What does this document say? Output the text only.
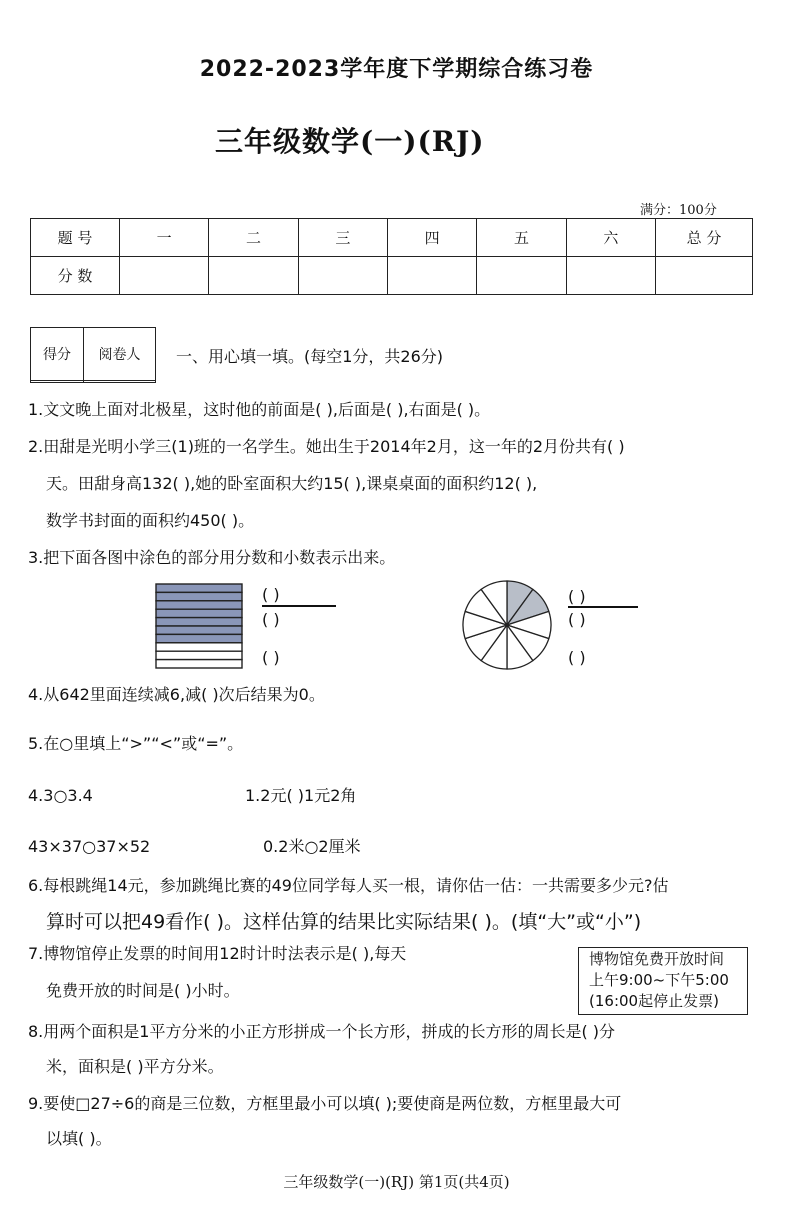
2022-2023学年度下学期综合练习卷
三年级数学(一)(RJ)
满分：100分
题 号	一	二	三	四	五	六	总 分
分 数							
得分	阅卷人
	一、用心填一填。(每空1分，共26分)
1.文文晚上面对北极星，这时他的前面是( ),后面是( ),右面是( )。
2.田甜是光明小学三(1)班的一名学生。她出生于2014年2月，这一年的2月份共有( )
天。田甜身高132( ),她的卧室面积大约15( ),课桌桌面的面积约12( ),
数学书封面的面积约450( )。
3.把下面各图中涂色的部分用分数和小数表示出来。
( )
( )
( )
( )
( )
( )
4.从642里面连续减6,减( )次后结果为0。
5.在○里填上“>”“<”或“=”。
4.3○3.4	1.2元( )1元2角
43×37○37×52	0.2米○2厘米
6.每根跳绳14元，参加跳绳比赛的49位同学每人买一根，请你估一估：一共需要多少元?估
算时可以把49看作( )。这样估算的结果比实际结果( )。(填“大”或“小”)
7.博物馆停止发票的时间用12时计时法表示是( ),每天
免费开放的时间是( )小时。
博物馆免费开放时间
上午9:00~下午5:00
(16:00起停止发票)
8.用两个面积是1平方分米的小正方形拼成一个长方形，拼成的长方形的周长是( )分
米，面积是( )平方分米。
9.要使□27÷6的商是三位数，方框里最小可以填( );要使商是两位数，方框里最大可
以填( )。
三年级数学(一)(RJ) 第1页(共4页)
